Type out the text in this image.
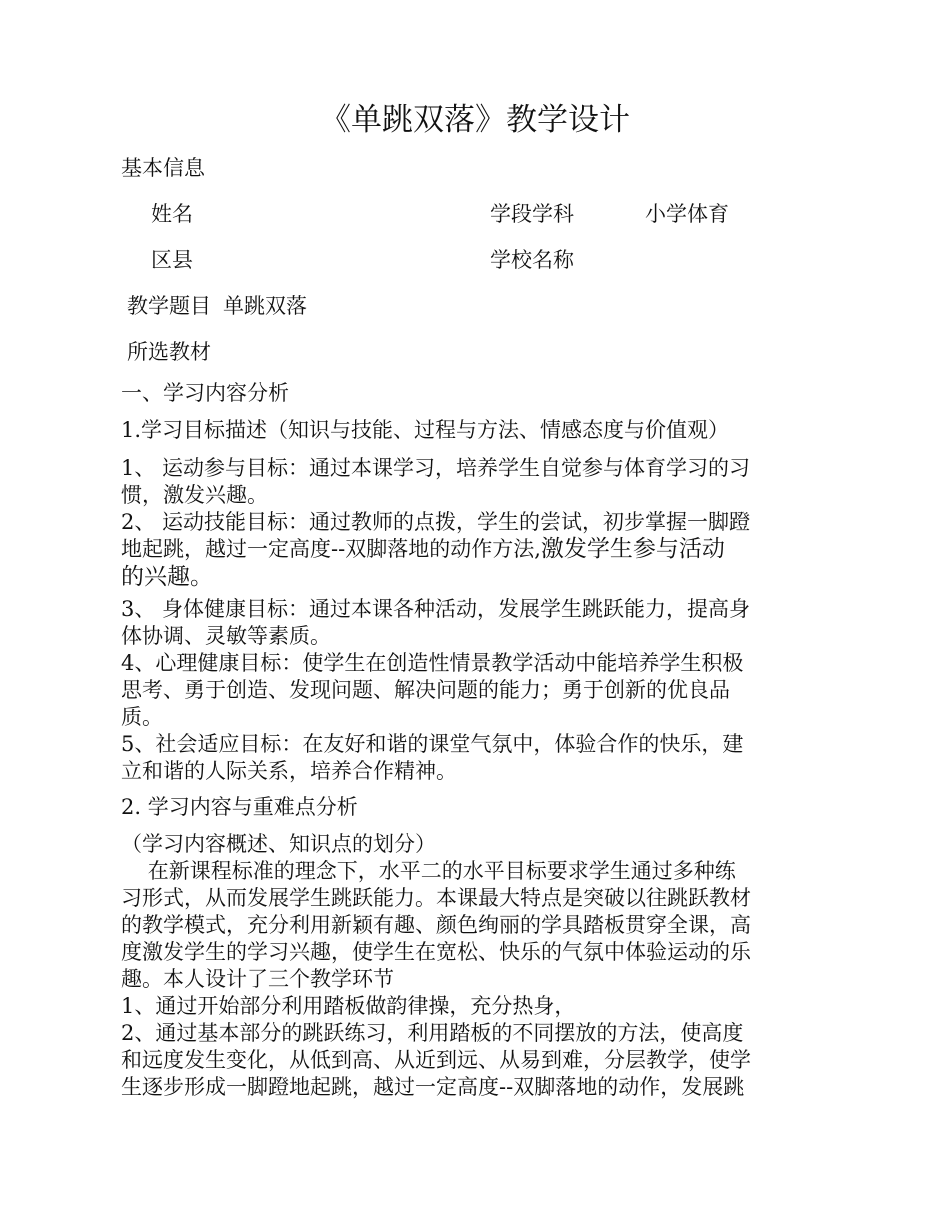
《单跳双落》教学设计
基本信息
姓名	学段学科	小学体育
区县	学校名称
教学题目 单跳双落
所选教材
一、学习内容分析
1.学习目标描述（知识与技能、过程与方法、情感态度与价值观）
1、 运动参与目标：通过本课学习，培养学生自觉参与体育学习的习
惯，激发兴趣。
2、 运动技能目标：通过教师的点拨，学生的尝试，初步掌握一脚蹬
地起跳，越过一定高度--双脚落地的动作方法,激发学生参与活动
的兴趣。
3、 身体健康目标：通过本课各种活动，发展学生跳跃能力，提高身
体协调、灵敏等素质。
4、心理健康目标：使学生在创造性情景教学活动中能培养学生积极
思考、勇于创造、发现问题、解决问题的能力；勇于创新的优良品
质。
5、社会适应目标：在友好和谐的课堂气氛中，体验合作的快乐，建
立和谐的人际关系，培养合作精神。
2. 学习内容与重难点分析
（学习内容概述、知识点的划分）
在新课程标准的理念下，水平二的水平目标要求学生通过多种练
习形式，从而发展学生跳跃能力。本课最大特点是突破以往跳跃教材
的教学模式，充分利用新颖有趣、颜色绚丽的学具踏板贯穿全课，高
度激发学生的学习兴趣，使学生在宽松、快乐的气氛中体验运动的乐
趣。本人设计了三个教学环节
1、通过开始部分利用踏板做韵律操，充分热身，
2、通过基本部分的跳跃练习，利用踏板的不同摆放的方法，使高度
和远度发生变化，从低到高、从近到远、从易到难，分层教学，使学
生逐步形成一脚蹬地起跳，越过一定高度--双脚落地的动作，发展跳
